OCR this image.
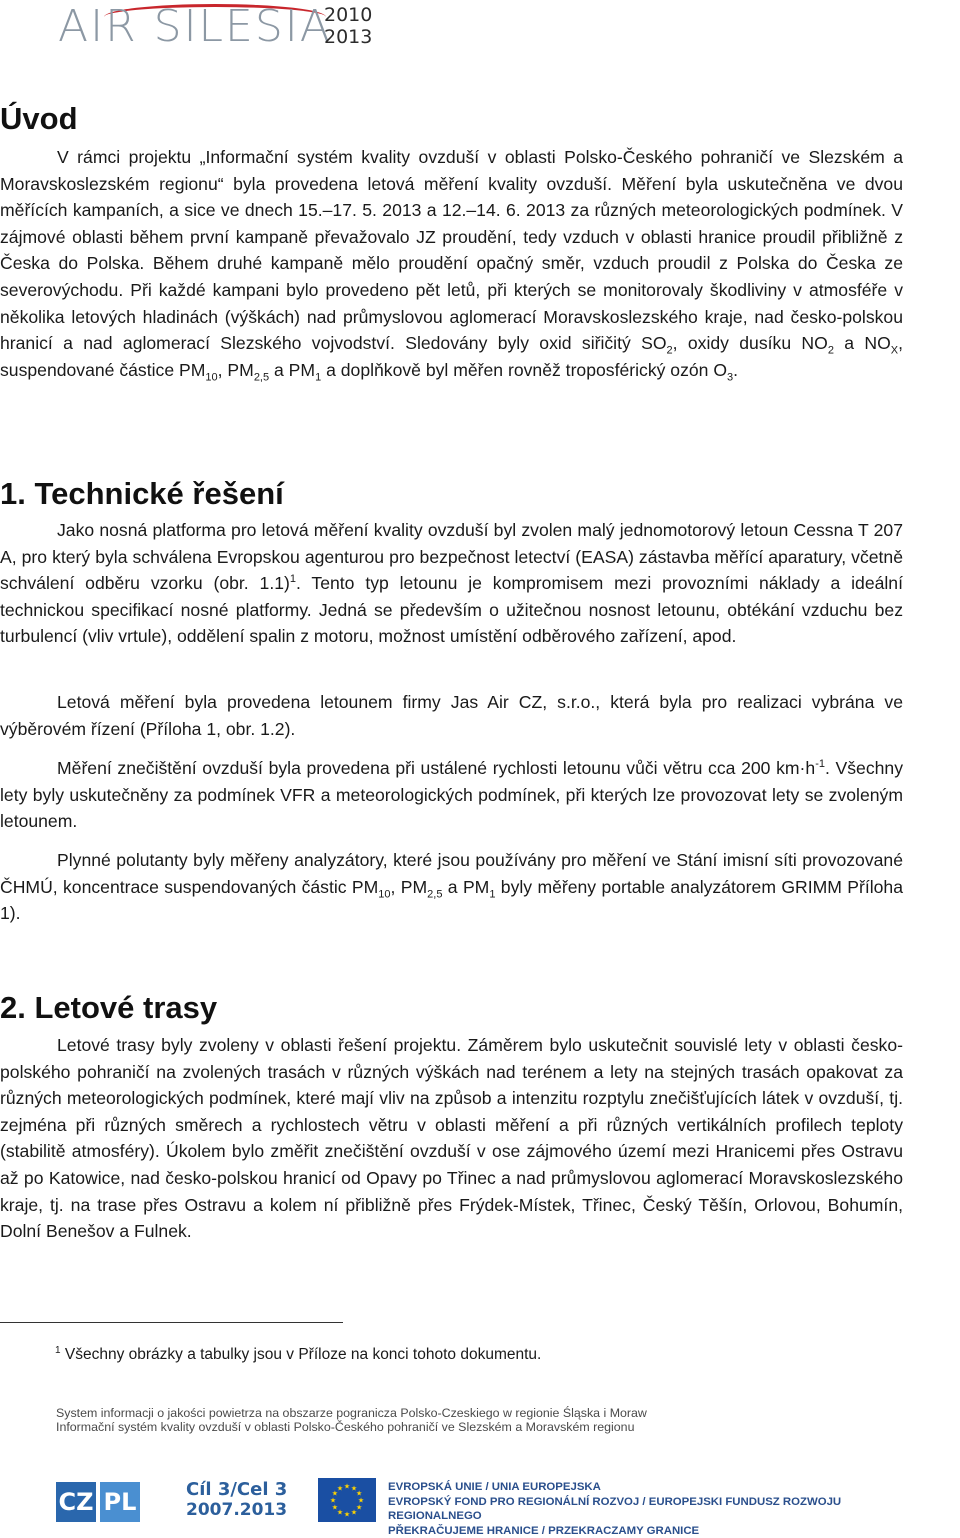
AIR SILESIA
2010
2013
Úvod

V rámci projektu „Informační systém kvality ovzduší v oblasti Polsko-Českého pohraničí ve Slezském a Moravskoslezském regionu“ byla provedena letová měření kvality ovzduší. Měření byla uskutečněna ve dvou měřících kampaních, a sice ve dnech 15.–17. 5. 2013 a 12.–14. 6. 2013 za různých meteorologických podmínek. V zájmové oblasti během první kampaně převažovalo JZ proudění, tedy vzduch v oblasti hranice proudil přibližně z Česka do Polska. Během druhé kampaně mělo proudění opačný směr, vzduch proudil z Polska do Česka ze severovýchodu. Při každé kampani bylo provedeno pět letů, při kterých se monitorovaly škodliviny v atmosféře v několika letových hladinách (výškách) nad průmyslovou aglomerací Moravskoslezského kraje, nad česko-polskou hranicí a nad aglomerací Slezského vojvodství. Sledovány byly oxid siřičitý $SO_2$, oxidy dusíku $NO_2$ a $NO_X$, suspendované částice $PM_{10}$, $PM_{2,5}$ a $PM_1$ a doplňkově byl měřen rovněž troposférický ozón $O_3$.

1. Technické řešení

Jako nosná platforma pro letová měření kvality ovzduší byl zvolen malý jednomotorový letoun Cessna T 207 A, pro který byla schválena Evropskou agenturou pro bezpečnost letectví (EASA) zástavba měřící aparatury, včetně schválení odběru vzorku (obr. 1.1)$^1$. Tento typ letounu je kompromisem mezi provozními náklady a ideální technickou specifikací nosné platformy. Jedná se především o užitečnou nosnost letounu, obtékání vzduchu bez turbulencí (vliv vrtule), oddělení spalin z motoru, možnost umístění odběrového zařízení, apod.

Letová měření byla provedena letounem firmy Jas Air CZ, s.r.o., která byla pro realizaci vybrána ve výběrovém řízení (Příloha 1, obr. 1.2).

Měření znečištění ovzduší byla provedena při ustálené rychlosti letounu vůči větru cca 200 $km\cdot h^{-1}$. Všechny lety byly uskutečněny za podmínek VFR a meteorologických podmínek, při kterých lze provozovat lety se zvoleným letounem.

Plynné polutanty byly měřeny analyzátory, které jsou používány pro měření ve Stání imisní síti provozované ČHMÚ, koncentrace suspendovaných částic $PM_{10}$, $PM_{2,5}$ a $PM_1$ byly měřeny portable analyzátorem GRIMM Příloha 1).

2. Letové trasy

Letové trasy byly zvoleny v oblasti řešení projektu. Záměrem bylo uskutečnit souvislé lety v oblasti česko-polského pohraničí na zvolených trasách v různých výškách nad terénem a lety na stejných trasách opakovat za různých meteorologických podmínek, které mají vliv na způsob a intenzitu rozptylu znečišťujících látek v ovzduší, tj. zejména při různých směrech a rychlostech větru v oblasti měření a při různých vertikálních profilech teploty (stabilitě atmosféry). Úkolem bylo změřit znečištění ovzduší v ose zájmového území mezi Hranicemi přes Ostravu až po Katowice, nad česko-polskou hranicí od Opavy po Třinec a nad průmyslovou aglomerací Moravskoslezského kraje, tj. na trase přes Ostravu a kolem ní přibližně přes Frýdek-Místek, Třinec, Český Těšín, Orlovou, Bohumín, Dolní Benešov a Fulnek.

$^1$ Všechny obrázky a tabulky jsou v Příloze na konci tohoto dokumentu.

System informacji o jakości powietrza na obszarze pogranicza Polsko-Czeskiego w regionie Śląska i Moraw
Informační systém kvality ovzduší v oblasti Polsko-Českého pohraničí ve Slezském a Moravském regionu
CZ PL	Cíl 3/Cel 3
2007.2013
★ ★
★
★
★
★
★
★
★
★
★
★	EVROPSKÁ UNIE / UNIA EUROPEJSKA
EVROPSKÝ FOND PRO REGIONÁLNÍ ROZVOJ / EUROPEJSKI FUNDUSZ ROZWOJU REGIONALNEGO
PŘEKRAČUJEME HRANICE / PRZEKRACZAMY GRANICE
